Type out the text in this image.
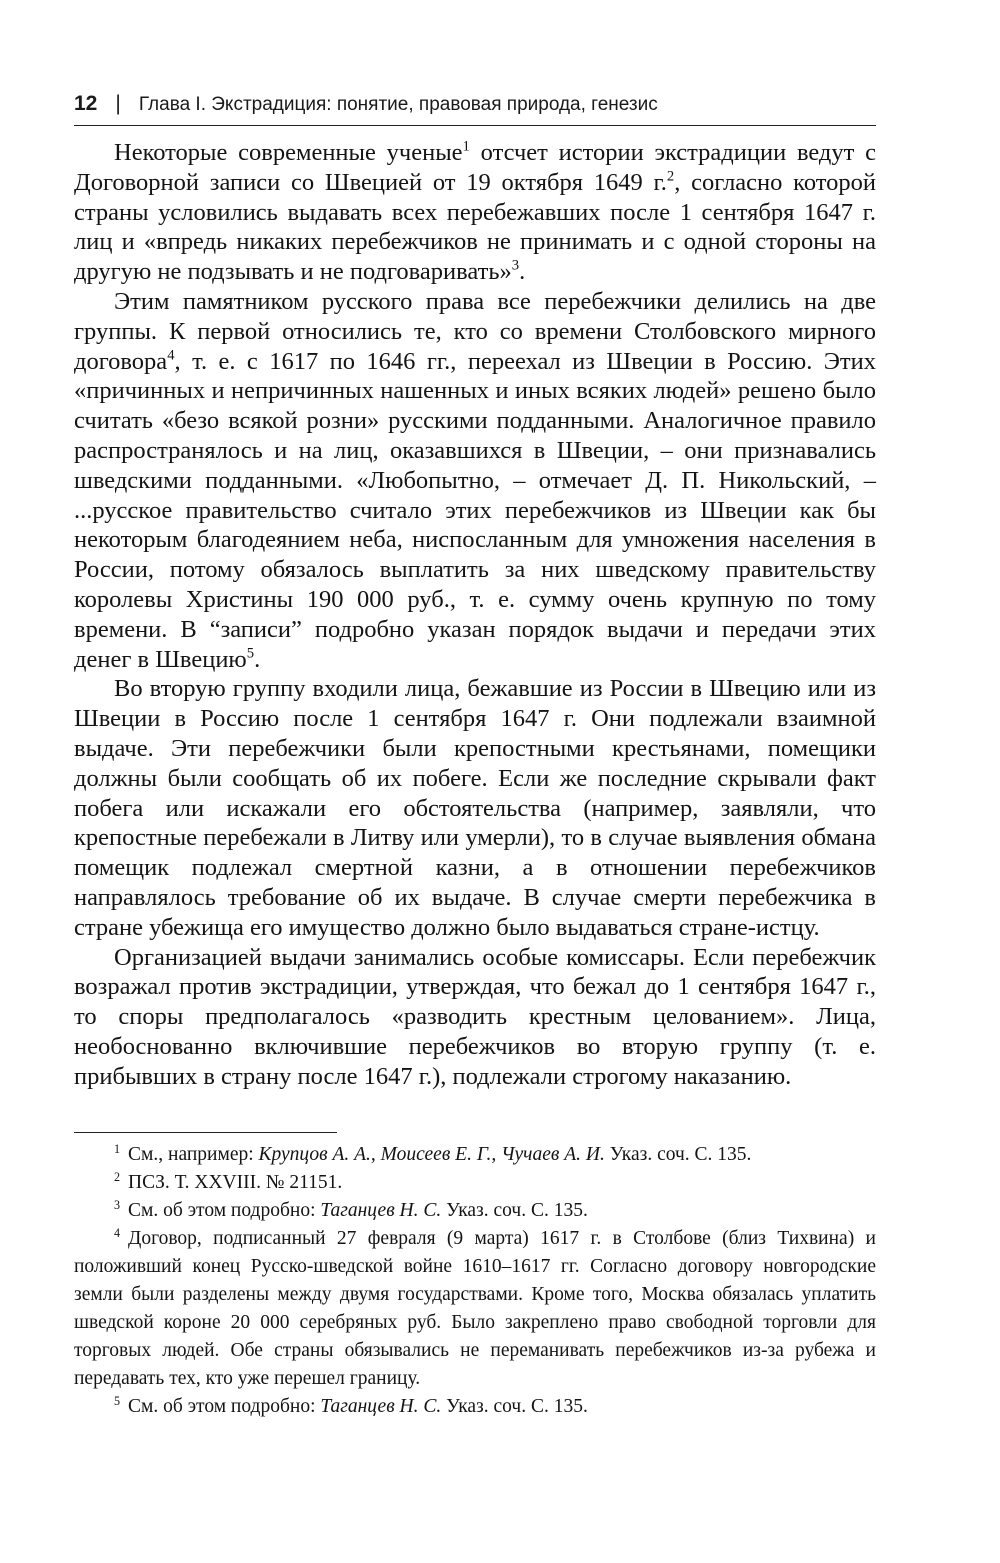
12 | Глава I. Экстрадиция: понятие, правовая природа, генезис

Некоторые современные ученые$^1$ отсчет истории экстрадиции ведут с Договорной записи со Швецией от 19 октября 1649 г.$^2$, согласно которой страны условились выдавать всех перебежавших после 1 сентября 1647 г. лиц и «впредь никаких перебежчиков не принимать и с одной стороны на другую не подзывать и не подговаривать»$^3$.

Этим памятником русского права все перебежчики делились на две группы. К первой относились те, кто со времени Столбовского мирного договора$^4$, т. е. с 1617 по 1646 гг., переехал из Швеции в Россию. Этих «причинных и непричинных нашенных и иных всяких людей» решено было считать «безо всякой розни» русскими подданными. Аналогичное правило распространялось и на лиц, оказавшихся в Швеции, – они признавались шведскими подданными. «Любопытно, – отмечает Д. П. Никольский, – ...русское правительство считало этих перебежчиков из Швеции как бы некоторым благодеянием неба, ниспосланным для умножения населения в России, потому обязалось выплатить за них шведскому правительству королевы Христины 190 000 руб., т. е. сумму очень крупную по тому времени. В “записи” подробно указан порядок выдачи и передачи этих денег в Швецию$^5$.

Во вторую группу входили лица, бежавшие из России в Швецию или из Швеции в Россию после 1 сентября 1647 г. Они подлежали взаимной выдаче. Эти перебежчики были крепостными крестьянами, помещики должны были сообщать об их побеге. Если же последние скрывали факт побега или искажали его обстоятельства (например, заявляли, что крепостные перебежали в Литву или умерли), то в случае выявления обмана помещик подлежал смертной казни, а в отношении перебежчиков направлялось требование об их выдаче. В случае смерти перебежчика в стране убежища его имущество должно было выдаваться стране-истцу.

Организацией выдачи занимались особые комиссары. Если перебежчик возражал против экстрадиции, утверждая, что бежал до 1 сентября 1647 г., то споры предполагалось «разводить крестным целованием». Лица, необоснованно включившие перебежчиков во вторую группу (т. е. прибывших в страну после 1647 г.), подлежали строгому наказанию.

$^1$ См., например: Крупцов А. А., Моисеев Е. Г., Чучаев А. И. Указ. соч. С. 135.

$^2$ ПСЗ. Т. XXVIII. № 21151.

$^3$ См. об этом подробно: Таганцев Н. С. Указ. соч. С. 135.

$^4$ Договор, подписанный 27 февраля (9 марта) 1617 г. в Столбове (близ Тихвина) и положивший конец Русско-шведской войне 1610–1617 гг. Согласно договору новгородские земли были разделены между двумя государствами. Кроме того, Москва обязалась уплатить шведской короне 20 000 серебряных руб. Было закреплено право свободной торговли для торговых людей. Обе страны обязывались не переманивать перебежчиков из-за рубежа и передавать тех, кто уже перешел границу.

$^5$ См. об этом подробно: Таганцев Н. С. Указ. соч. С. 135.
